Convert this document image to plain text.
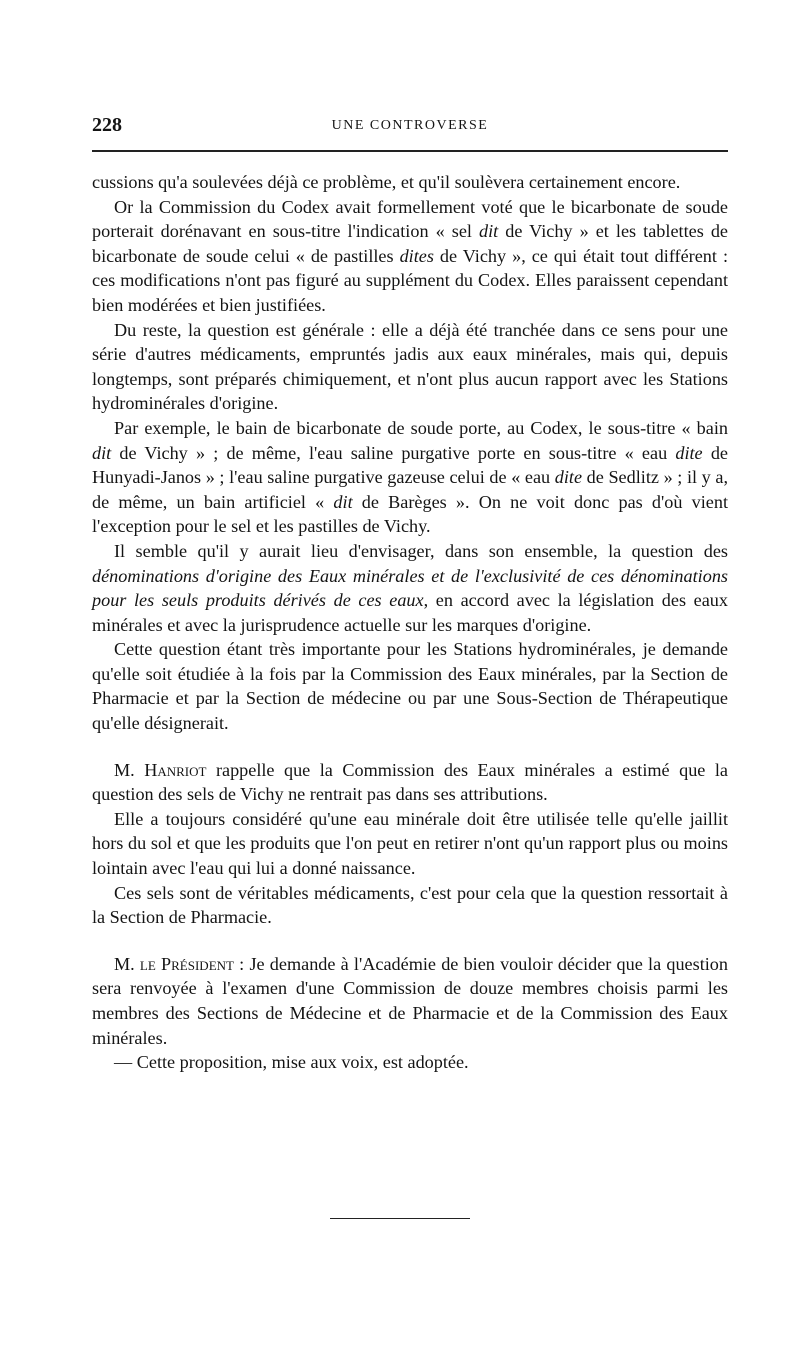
228	UNE CONTROVERSE

cussions qu'a soulevées déjà ce problème, et qu'il soulèvera certainement encore.

Or la Commission du Codex avait formellement voté que le bicarbonate de soude porterait dorénavant en sous-titre l'indication « sel dit de Vichy » et les tablettes de bicarbonate de soude celui « de pastilles dites de Vichy », ce qui était tout différent : ces modifications n'ont pas figuré au supplément du Codex. Elles paraissent cependant bien modérées et bien justifiées.

Du reste, la question est générale : elle a déjà été tranchée dans ce sens pour une série d'autres médicaments, empruntés jadis aux eaux minérales, mais qui, depuis longtemps, sont préparés chimiquement, et n'ont plus aucun rapport avec les Stations hydrominérales d'origine.

Par exemple, le bain de bicarbonate de soude porte, au Codex, le sous-titre « bain dit de Vichy » ; de même, l'eau saline purgative porte en sous-titre « eau dite de Hunyadi-Janos » ; l'eau saline purgative gazeuse celui de « eau dite de Sedlitz » ; il y a, de même, un bain artificiel « dit de Barèges ». On ne voit donc pas d'où vient l'exception pour le sel et les pastilles de Vichy.

Il semble qu'il y aurait lieu d'envisager, dans son ensemble, la question des dénominations d'origine des Eaux minérales et de l'exclusivité de ces dénominations pour les seuls produits dérivés de ces eaux, en accord avec la législation des eaux minérales et avec la jurisprudence actuelle sur les marques d'origine.

Cette question étant très importante pour les Stations hydrominérales, je demande qu'elle soit étudiée à la fois par la Commission des Eaux minérales, par la Section de Pharmacie et par la Section de médecine ou par une Sous-Section de Thérapeutique qu'elle désignerait.

M. Hanriot rappelle que la Commission des Eaux minérales a estimé que la question des sels de Vichy ne rentrait pas dans ses attributions.

Elle a toujours considéré qu'une eau minérale doit être utilisée telle qu'elle jaillit hors du sol et que les produits que l'on peut en retirer n'ont qu'un rapport plus ou moins lointain avec l'eau qui lui a donné naissance.

Ces sels sont de véritables médicaments, c'est pour cela que la question ressortait à la Section de Pharmacie.

M. le Président : Je demande à l'Académie de bien vouloir décider que la question sera renvoyée à l'examen d'une Commission de douze membres choisis parmi les membres des Sections de Médecine et de Pharmacie et de la Commission des Eaux minérales.

— Cette proposition, mise aux voix, est adoptée.
